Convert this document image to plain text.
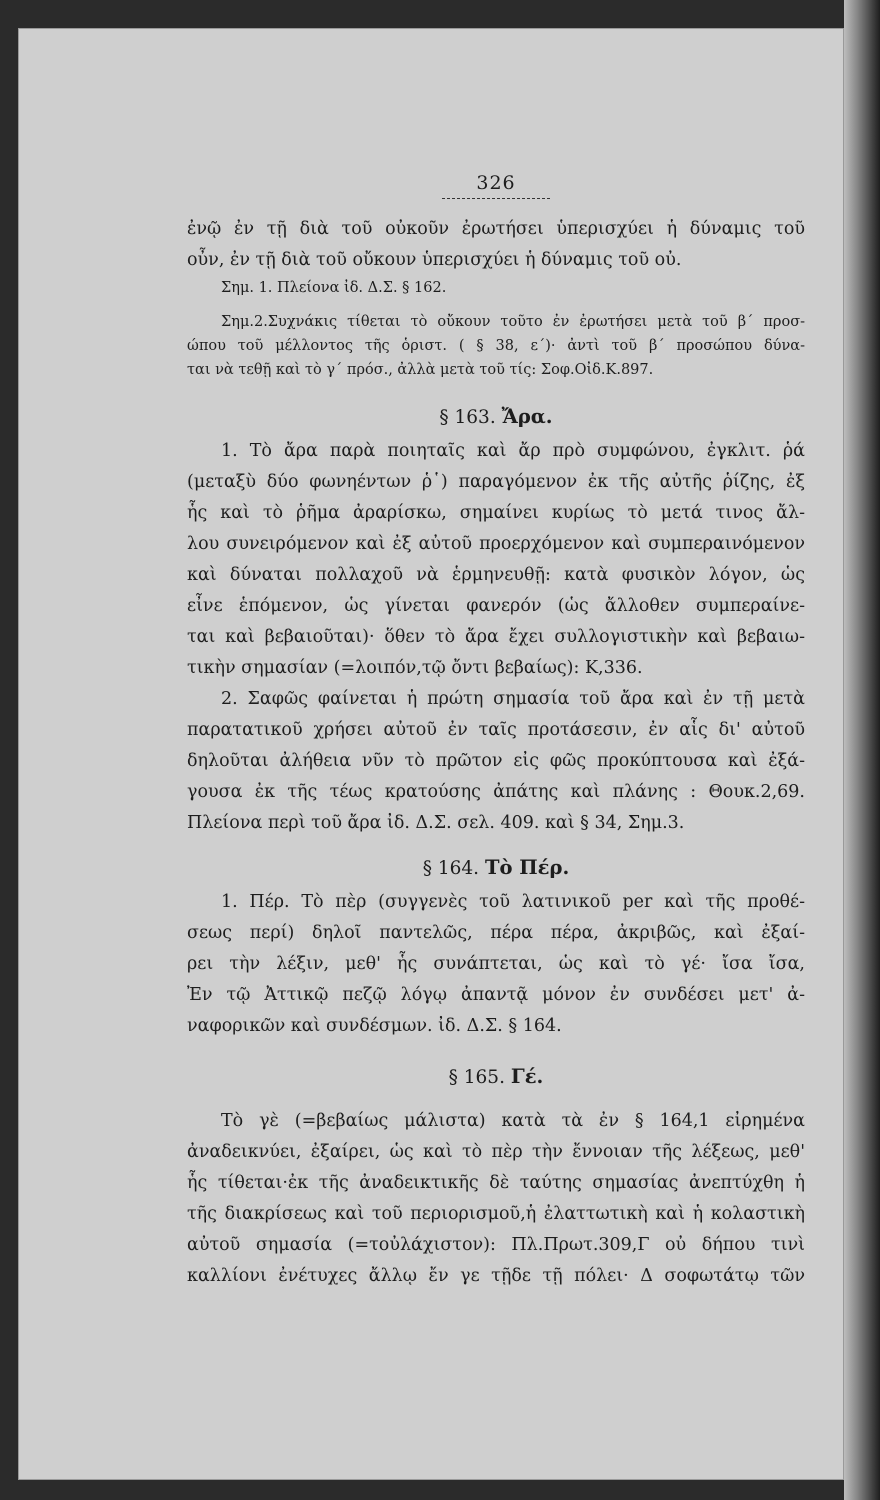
326
ἐνῷ ἐν τῇ διὰ τοῦ οὐκοῦν ἐρωτήσει ὑπερισχύει ἡ δύναμις τοῦ
οὖν, ἐν τῇ διὰ τοῦ οὔκουν ὑπερισχύει ἡ δύναμις τοῦ οὐ.
Σημ. 1. Πλείονα ἰδ. Δ.Σ. § 162.
Σημ.2.Συχνάκις τίθεται τὸ οὔκουν τοῦτο ἐν ἐρωτήσει μετὰ τοῦ β΄ προσ-
ώπου τοῦ μέλλοντος τῆς ὁριστ. ( § 38, ε΄)· ἀντὶ τοῦ β΄ προσώπου δύνα-
ται νὰ τεθῇ καὶ τὸ γ΄ πρόσ., ἀλλὰ μετὰ τοῦ τίς: Σοφ.Οἰδ.Κ.897.
§ 163. Ἄρα.
1. Τὸ ἄρα παρὰ ποιηταῖς καὶ ἄρ πρὸ συμφώνου, ἐγκλιτ. ῥά
(μεταξὺ δύο φωνηέντων ῥ῾) παραγόμενον ἐκ τῆς αὐτῆς ῥίζης, ἐξ
ἧς καὶ τὸ ῥῆμα ἀραρίσκω, σημαίνει κυρίως τὸ μετά τινος ἄλ-
λου συνειρόμενον καὶ ἐξ αὐτοῦ προερχόμενον καὶ συμπεραινόμενον
καὶ δύναται πολλαχοῦ νὰ ἑρμηνευθῇ: κατὰ φυσικὸν λόγον, ὡς
εἶνε ἑπόμενον, ὡς γίνεται φανερόν (ὡς ἄλλοθεν συμπεραίνε-
ται καὶ βεβαιοῦται)· ὅθεν τὸ ἄρα ἔχει συλλογιστικὴν καὶ βεβαιω-
τικὴν σημασίαν (=λοιπόν,τῷ ὄντι βεβαίως): Κ,336.
2. Σαφῶς φαίνεται ἡ πρώτη σημασία τοῦ ἄρα καὶ ἐν τῇ μετὰ
παρατατικοῦ χρήσει αὐτοῦ ἐν ταῖς προτάσεσιν, ἐν αἷς δι' αὐτοῦ
δηλοῦται ἀλήθεια νῦν τὸ πρῶτον εἰς φῶς προκύπτουσα καὶ ἐξά-
γουσα ἐκ τῆς τέως κρατούσης ἀπάτης καὶ πλάνης : Θουκ.2,69.
Πλείονα περὶ τοῦ ἄρα ἰδ. Δ.Σ. σελ. 409. καὶ § 34, Σημ.3.
§ 164. Τὸ Πέρ.
1. Πέρ. Τὸ πὲρ (συγγενὲς τοῦ λατινικοῦ per καὶ τῆς προθέ-
σεως περί) δηλοῖ παντελῶς, πέρα πέρα, ἀκριβῶς, καὶ ἐξαί-
ρει τὴν λέξιν, μεθ' ἧς συνάπτεται, ὡς καὶ τὸ γέ· ἴσα ἴσα,
Ἐν τῷ Ἀττικῷ πεζῷ λόγῳ ἀπαντᾷ μόνον ἐν συνδέσει μετ' ἀ-
ναφορικῶν καὶ συνδέσμων. ἰδ. Δ.Σ. § 164.
§ 165. Γέ.
Τὸ γὲ (=βεβαίως μάλιστα) κατὰ τὰ ἐν § 164,1 εἰρημένα
ἀναδεικνύει, ἐξαίρει, ὡς καὶ τὸ πὲρ τὴν ἔννοιαν τῆς λέξεως, μεθ'
ἧς τίθεται·ἐκ τῆς ἀναδεικτικῆς δὲ ταύτης σημασίας ἀνεπτύχθη ἡ
τῆς διακρίσεως καὶ τοῦ περιορισμοῦ,ἡ ἐλαττωτικὴ καὶ ἡ κολαστικὴ
αὐτοῦ σημασία (=τοὐλάχιστον): Πλ.Πρωτ.309,Γ οὐ δήπου τινὶ
καλλίονι ἐνέτυχες ἄλλῳ ἔν γε τῇδε τῇ πόλει· Δ σοφωτάτῳ τῶν
